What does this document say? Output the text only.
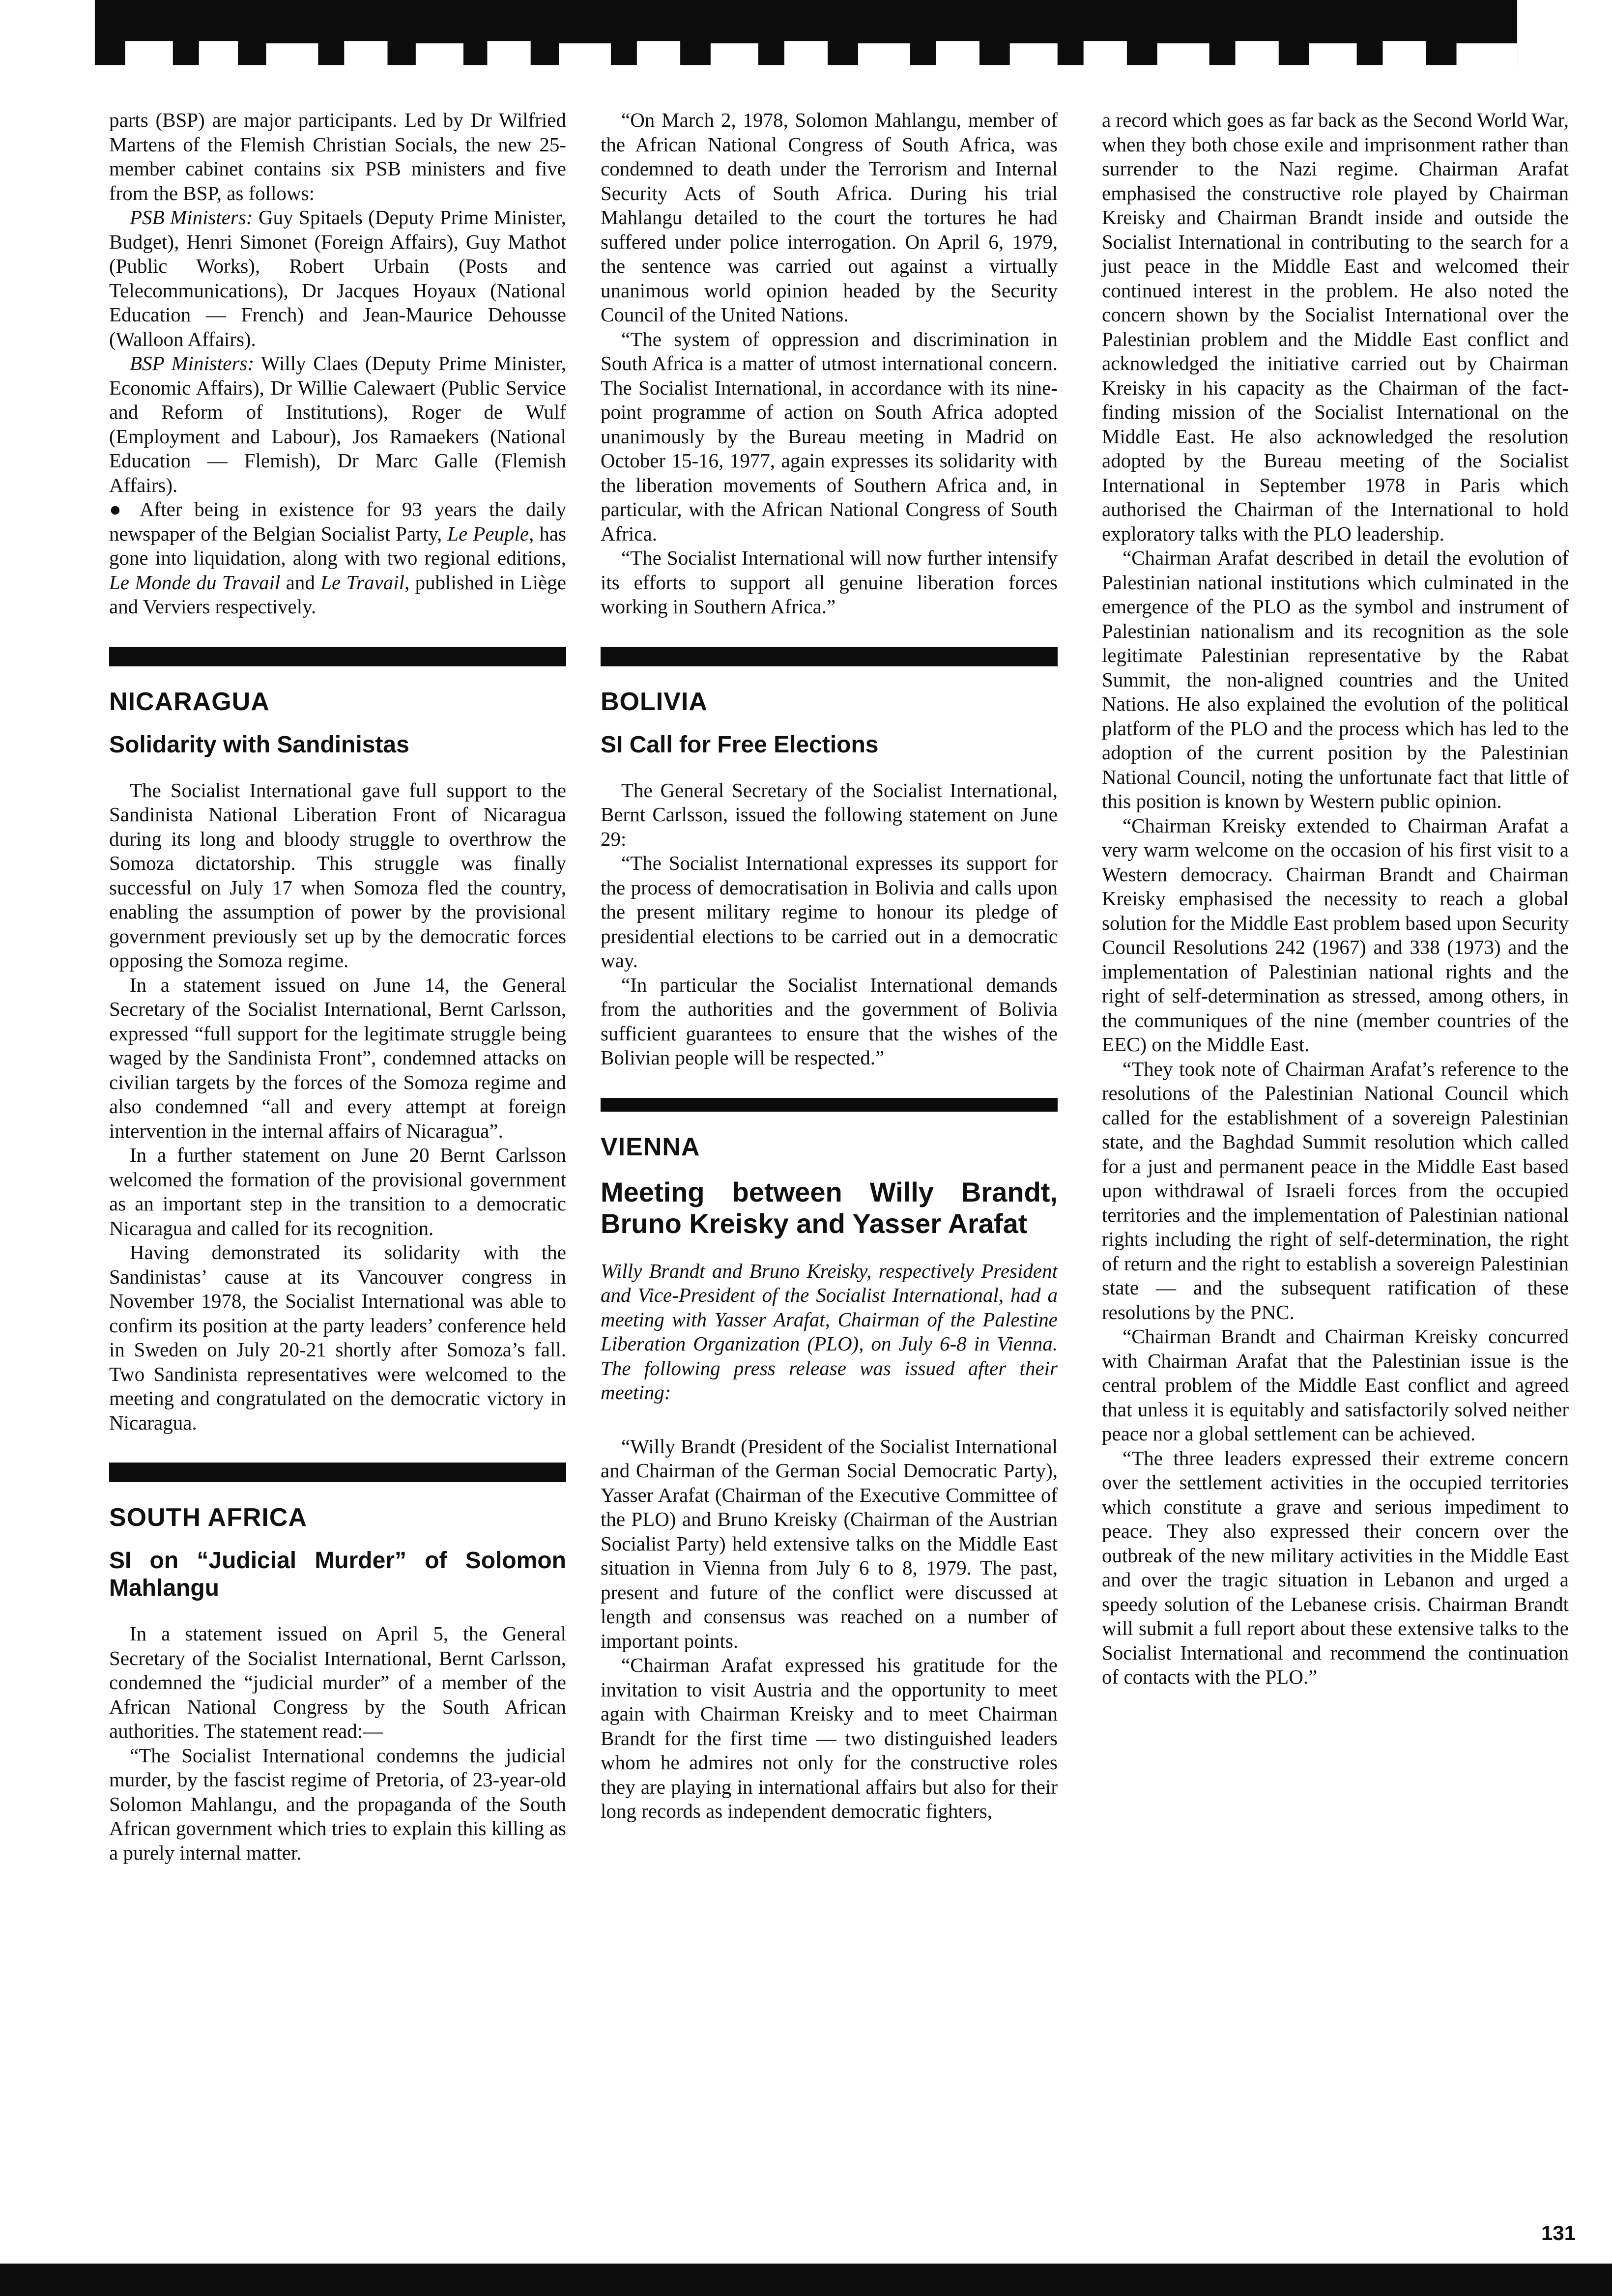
parts (BSP) are major participants. Led by Dr Wilfried Martens of the Flemish Christian Socials, the new 25-member cabinet contains six PSB ministers and five from the BSP, as follows:

PSB Ministers: Guy Spitaels (Deputy Prime Minister, Budget), Henri Simonet (Foreign Affairs), Guy Mathot (Public Works), Robert Urbain (Posts and Telecommunications), Dr Jacques Hoyaux (National Education — French) and Jean-Maurice Dehousse (Walloon Affairs).

BSP Ministers: Willy Claes (Deputy Prime Minister, Economic Affairs), Dr Willie Calewaert (Public Service and Reform of Institutions), Roger de Wulf (Employment and Labour), Jos Ramaekers (National Education — Flemish), Dr Marc Galle (Flemish Affairs).

● After being in existence for 93 years the daily newspaper of the Belgian Socialist Party, Le Peuple, has gone into liquidation, along with two regional editions, Le Monde du Travail and Le Travail, published in Liège and Verviers respectively.

NICARAGUA
Solidarity with Sandinistas

The Socialist International gave full support to the Sandinista National Liberation Front of Nicaragua during its long and bloody struggle to overthrow the Somoza dictatorship. This struggle was finally successful on July 17 when Somoza fled the country, enabling the assumption of power by the provisional government previously set up by the democratic forces opposing the Somoza regime.

In a statement issued on June 14, the General Secretary of the Socialist International, Bernt Carlsson, expressed “full support for the legitimate struggle being waged by the Sandinista Front”, condemned attacks on civilian targets by the forces of the Somoza regime and also condemned “all and every attempt at foreign intervention in the internal affairs of Nicaragua”.

In a further statement on June 20 Bernt Carlsson welcomed the formation of the provisional government as an important step in the transition to a democratic Nicaragua and called for its recognition.

Having demonstrated its solidarity with the Sandinistas’ cause at its Vancouver congress in November 1978, the Socialist International was able to confirm its position at the party leaders’ conference held in Sweden on July 20-21 shortly after Somoza’s fall. Two Sandinista representatives were welcomed to the meeting and congratulated on the democratic victory in Nicaragua.

SOUTH AFRICA
SI on “Judicial Murder” of Solomon Mahlangu

In a statement issued on April 5, the General Secretary of the Socialist International, Bernt Carlsson, condemned the “judicial murder” of a member of the African National Congress by the South African authorities. The statement read:—

“The Socialist International condemns the judicial murder, by the fascist regime of Pretoria, of 23-year-old Solomon Mahlangu, and the propaganda of the South African government which tries to explain this killing as a purely internal matter.

“On March 2, 1978, Solomon Mahlangu, member of the African National Congress of South Africa, was condemned to death under the Terrorism and Internal Security Acts of South Africa. During his trial Mahlangu detailed to the court the tortures he had suffered under police interrogation. On April 6, 1979, the sentence was carried out against a virtually unanimous world opinion headed by the Security Council of the United Nations.

“The system of oppression and discrimination in South Africa is a matter of utmost international concern. The Socialist International, in accordance with its nine-point programme of action on South Africa adopted unanimously by the Bureau meeting in Madrid on October 15-16, 1977, again expresses its solidarity with the liberation movements of Southern Africa and, in particular, with the African National Congress of South Africa.

“The Socialist International will now further intensify its efforts to support all genuine liberation forces working in Southern Africa.”

BOLIVIA
SI Call for Free Elections

The General Secretary of the Socialist International, Bernt Carlsson, issued the following statement on June 29:

“The Socialist International expresses its support for the process of democratisation in Bolivia and calls upon the present military regime to honour its pledge of presidential elections to be carried out in a democratic way.

“In particular the Socialist International demands from the authorities and the government of Bolivia sufficient guarantees to ensure that the wishes of the Bolivian people will be respected.”

VIENNA
Meeting between Willy Brandt, Bruno Kreisky and Yasser Arafat

Willy Brandt and Bruno Kreisky, respectively President and Vice-President of the Socialist International, had a meeting with Yasser Arafat, Chairman of the Palestine Liberation Organization (PLO), on July 6-8 in Vienna. The following press release was issued after their meeting:

“Willy Brandt (President of the Socialist International and Chairman of the German Social Democratic Party), Yasser Arafat (Chairman of the Executive Committee of the PLO) and Bruno Kreisky (Chairman of the Austrian Socialist Party) held extensive talks on the Middle East situation in Vienna from July 6 to 8, 1979. The past, present and future of the conflict were discussed at length and consensus was reached on a number of important points.

“Chairman Arafat expressed his gratitude for the invitation to visit Austria and the opportunity to meet again with Chairman Kreisky and to meet Chairman Brandt for the first time — two distinguished leaders whom he admires not only for the constructive roles they are playing in international affairs but also for their long records as independent democratic fighters,

a record which goes as far back as the Second World War, when they both chose exile and imprisonment rather than surrender to the Nazi regime. Chairman Arafat emphasised the constructive role played by Chairman Kreisky and Chairman Brandt inside and outside the Socialist International in contributing to the search for a just peace in the Middle East and welcomed their continued interest in the problem. He also noted the concern shown by the Socialist International over the Palestinian problem and the Middle East conflict and acknowledged the initiative carried out by Chairman Kreisky in his capacity as the Chairman of the fact-finding mission of the Socialist International on the Middle East. He also acknowledged the resolution adopted by the Bureau meeting of the Socialist International in September 1978 in Paris which authorised the Chairman of the International to hold exploratory talks with the PLO leadership.

“Chairman Arafat described in detail the evolution of Palestinian national institutions which culminated in the emergence of the PLO as the symbol and instrument of Palestinian nationalism and its recognition as the sole legitimate Palestinian representative by the Rabat Summit, the non-aligned countries and the United Nations. He also explained the evolution of the political platform of the PLO and the process which has led to the adoption of the current position by the Palestinian National Council, noting the unfortunate fact that little of this position is known by Western public opinion.

“Chairman Kreisky extended to Chairman Arafat a very warm welcome on the occasion of his first visit to a Western democracy. Chairman Brandt and Chairman Kreisky emphasised the necessity to reach a global solution for the Middle East problem based upon Security Council Resolutions 242 (1967) and 338 (1973) and the implementation of Palestinian national rights and the right of self-determination as stressed, among others, in the communiques of the nine (member countries of the EEC) on the Middle East.

“They took note of Chairman Arafat’s reference to the resolutions of the Palestinian National Council which called for the establishment of a sovereign Palestinian state, and the Baghdad Summit resolution which called for a just and permanent peace in the Middle East based upon withdrawal of Israeli forces from the occupied territories and the implementation of Palestinian national rights including the right of self-determination, the right of return and the right to establish a sovereign Palestinian state — and the subsequent ratification of these resolutions by the PNC.

“Chairman Brandt and Chairman Kreisky concurred with Chairman Arafat that the Palestinian issue is the central problem of the Middle East conflict and agreed that unless it is equitably and satisfactorily solved neither peace nor a global settlement can be achieved.

“The three leaders expressed their extreme concern over the settlement activities in the occupied territories which constitute a grave and serious impediment to peace. They also expressed their concern over the outbreak of the new military activities in the Middle East and over the tragic situation in Lebanon and urged a speedy solution of the Lebanese crisis. Chairman Brandt will submit a full report about these extensive talks to the Socialist International and recommend the continuation of contacts with the PLO.”

131
